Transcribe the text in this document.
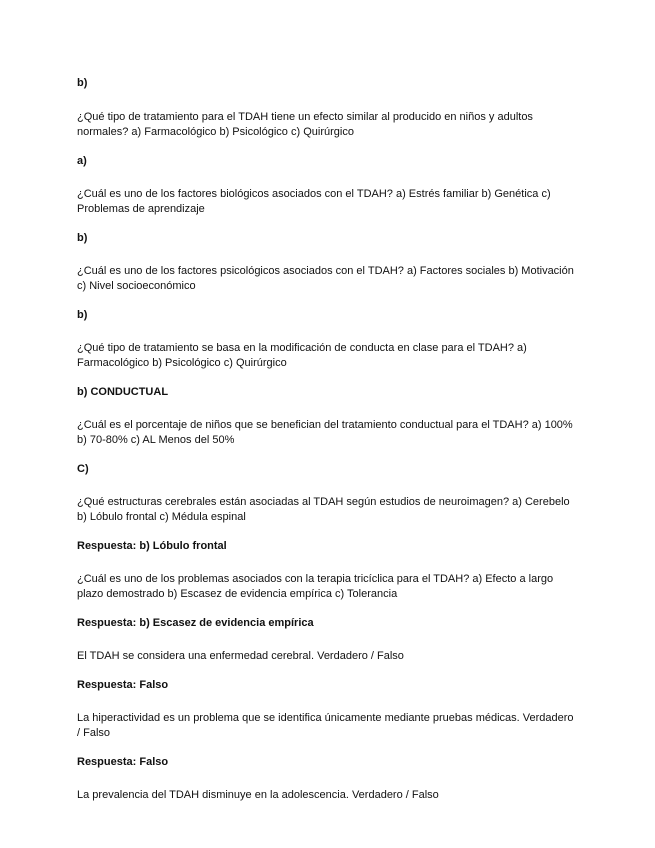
b)

¿Qué tipo de tratamiento para el TDAH tiene un efecto similar al producido en niños y adultos normales? a) Farmacológico b) Psicológico c) Quirúrgico

a)

¿Cuál es uno de los factores biológicos asociados con el TDAH? a) Estrés familiar b) Genética c) Problemas de aprendizaje

b)

¿Cuál es uno de los factores psicológicos asociados con el TDAH? a) Factores sociales b) Motivación c) Nivel socioeconómico

b)

¿Qué tipo de tratamiento se basa en la modificación de conducta en clase para el TDAH? a) Farmacológico b) Psicológico c) Quirúrgico

b) CONDUCTUAL

¿Cuál es el porcentaje de niños que se benefician del tratamiento conductual para el TDAH? a) 100% b) 70-80% c) AL Menos del 50%

C)

¿Qué estructuras cerebrales están asociadas al TDAH según estudios de neuroimagen? a) Cerebelo b) Lóbulo frontal c) Médula espinal

Respuesta: b) Lóbulo frontal

¿Cuál es uno de los problemas asociados con la terapia tricíclica para el TDAH? a) Efecto a largo plazo demostrado b) Escasez de evidencia empírica c) Tolerancia

Respuesta: b) Escasez de evidencia empírica

El TDAH se considera una enfermedad cerebral. Verdadero / Falso

Respuesta: Falso

La hiperactividad es un problema que se identifica únicamente mediante pruebas médicas. Verdadero / Falso

Respuesta: Falso

La prevalencia del TDAH disminuye en la adolescencia. Verdadero / Falso
